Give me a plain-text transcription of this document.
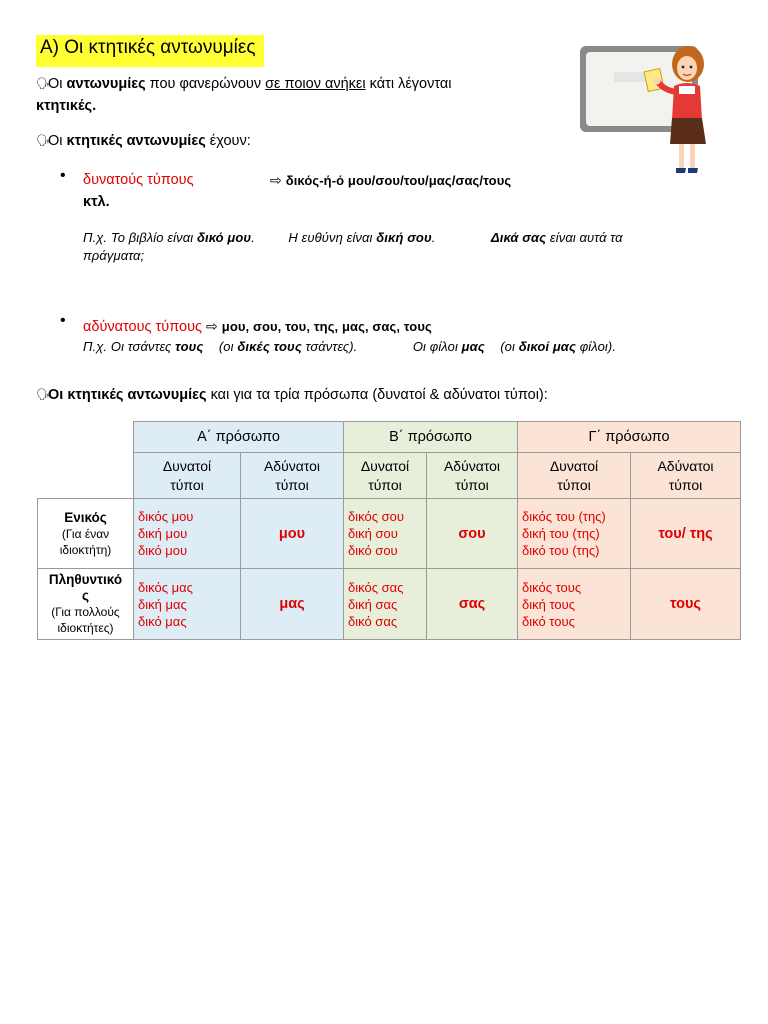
Α) Οι κτητικές αντωνυμίες
🗣Οι αντωνυμίες που φανερώνουν σε ποιον ανήκει κάτι λέγονται
κτητικές.
🗣Οι κτητικές αντωνυμίες έχουν:
• δυνατούς τύπους	⇨ δικός-ή-ό μου/σου/του/μας/σας/τους
κτλ.
Π.χ. Το βιβλίο είναι δικό μου.	Η ευθύνη είναι δική σου.	Δικά σας είναι αυτά τα
πράγματα;
• αδύνατους τύπους ⇨ μου, σου, του, της, μας, σας, τους
Π.χ. Οι τσάντες τους (οι δικές τους τσάντες).	Οι φίλοι μας (οι δικοί μας φίλοι).
🗣Οι κτητικές αντωνυμίες και για τα τρία πρόσωπα (δυνατοί & αδύνατοι τύποι):
	Α΄ πρόσωπο		Β΄ πρόσωπο		Γ΄ πρόσωπο	
	Δυνατοί
τύποι	Αδύνατοι
τύποι	Δυνατοί
τύποι	Αδύνατοι
τύποι	Δυνατοί
τύποι	Αδύνατοι
τύποι
Ενικός
(Για έναν
ιδιοκτήτη)	δικός μου
δική μου
δικό μου	μου	δικός σου
δική σου
δικό σου	σου	δικός του (της)
δική του (της)
δικό του (της)	του/ της
Πληθυντικό
ς
(Για πολλούς
ιδιοκτήτες)	δικός μας
δική μας
δικό μας	μας	δικός σας
δική σας
δικό σας	σας	δικός τους
δική τους
δικό τους	τους
